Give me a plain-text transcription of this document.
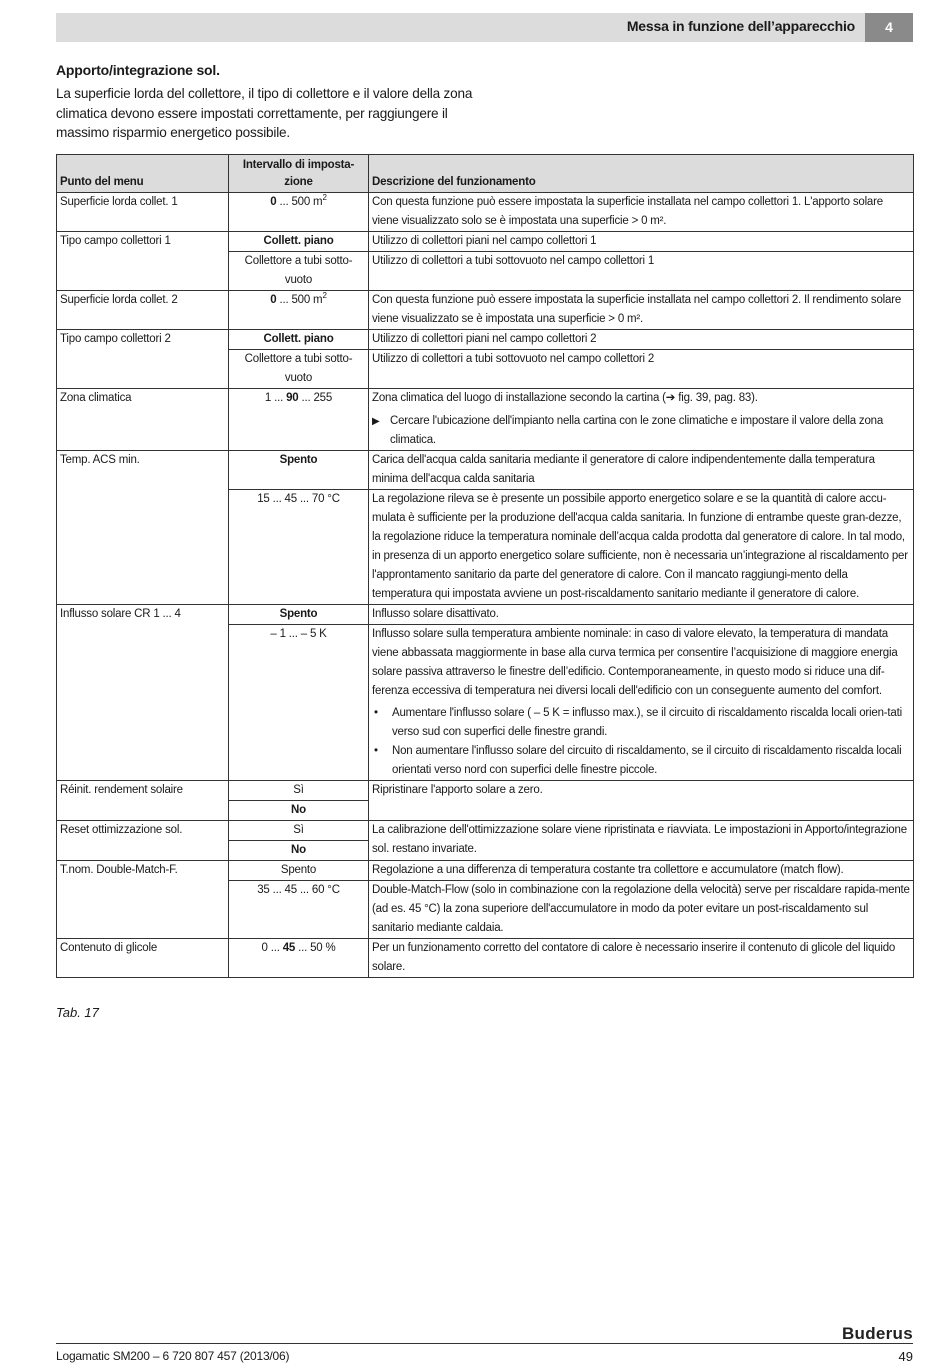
Messa in funzione dell’apparecchio	4
Apporto/integrazione sol.
La superficie lorda del collettore, il tipo di collettore e il valore della zona climatica devono essere impostati correttamente, per raggiungere il massimo risparmio energetico possibile.
Punto del menu	Intervallo di imposta-zione	Descrizione del funzionamento
Superficie lorda collet. 1	0 ... 500 $m^2$	Con questa funzione può essere impostata la superficie installata nel campo collettori 1. L'apporto solare viene visualizzato solo se è impostata una superficie > 0 m².
Tipo campo collettori 1	Collett. piano	Utilizzo di collettori piani nel campo collettori 1
	Collettore a tubi sotto-vuoto	Utilizzo di collettori a tubi sottovuoto nel campo collettori 1
Superficie lorda collet. 2	0 ... 500 $m^2$	Con questa funzione può essere impostata la superficie installata nel campo collettori 2. Il rendimento solare viene visualizzato se è impostata una superficie > 0 m².
Tipo campo collettori 2	Collett. piano	Utilizzo di collettori piani nel campo collettori 2
	Collettore a tubi sotto-vuoto	Utilizzo di collettori a tubi sottovuoto nel campo collettori 2
Zona climatica	1 ... 90 ... 255	Zona climatica del luogo di installazione secondo la cartina (➔ fig. 39, pag. 83).
▶ Cercare l'ubicazione dell'impianto nella cartina con le zone climatiche e impostare il valore della zona climatica.

Temp. ACS min.	Spento	Carica dell'acqua calda sanitaria mediante il generatore di calore indipendentemente dalla temperatura minima dell'acqua calda sanitaria
	15 ... 45 ... 70 °C	La regolazione rileva se è presente un possibile apporto energetico solare e se la quantità di calore accu-mulata è sufficiente per la produzione dell'acqua calda sanitaria. In funzione di entrambe queste gran-dezze, la regolazione riduce la temperatura nominale dell’acqua calda prodotta dal generatore di calore. In tal modo, in presenza di un apporto energetico solare sufficiente, non è necessaria un’integrazione al riscaldamento per l'approntamento sanitario da parte del generatore di calore. Con il mancato raggiungi-mento della temperatura qui impostata avviene un post-riscaldamento sanitario mediante il generatore di calore.
Influsso solare CR 1 ... 4	Spento	Influsso solare disattivato.
	– 1 ... – 5 K	Influsso solare sulla temperatura ambiente nominale: in caso di valore elevato, la temperatura di mandata viene abbassata maggiormente in base alla curva termica per consentire l’acquisizione di maggiore energia solare passiva attraverso le finestre dell’edificio. Contemporaneamente, in questo modo si riduce una dif-ferenza eccessiva di temperatura nei diversi locali dell'edificio con un conseguente aumento del comfort.
• Aumentare l'influsso solare ( – 5 K = influsso max.), se il circuito di riscaldamento riscalda locali orien-tati verso sud con superfici delle finestre grandi.
• Non aumentare l'influsso solare del circuito di riscaldamento, se il circuito di riscaldamento riscalda locali orientati verso nord con superfici delle finestre piccole.

Réinit. rendement solaire	Sì	Ripristinare l'apporto solare a zero.
	No	
Reset ottimizzazione sol.	Sì	La calibrazione dell'ottimizzazione solare viene ripristinata e riavviata. Le impostazioni in Apporto/integrazione sol. restano invariate.
	No	
T.nom. Double-Match-F.	Spento	Regolazione a una differenza di temperatura costante tra collettore e accumulatore (match flow).
	35 ... 45 ... 60 °C	Double-Match-Flow (solo in combinazione con la regolazione della velocità) serve per riscaldare rapida-mente (ad es. 45 °C) la zona superiore dell'accumulatore in modo da poter evitare un post-riscaldamento sul sanitario mediante caldaia.
Contenuto di glicole	0 ... 45 ... 50 %	Per un funzionamento corretto del contatore di calore è necessario inserire il contenuto di glicole del liquido solare.
Tab. 17
Buderus
Logamatic SM200 – 6 720 807 457 (2013/06)	49
